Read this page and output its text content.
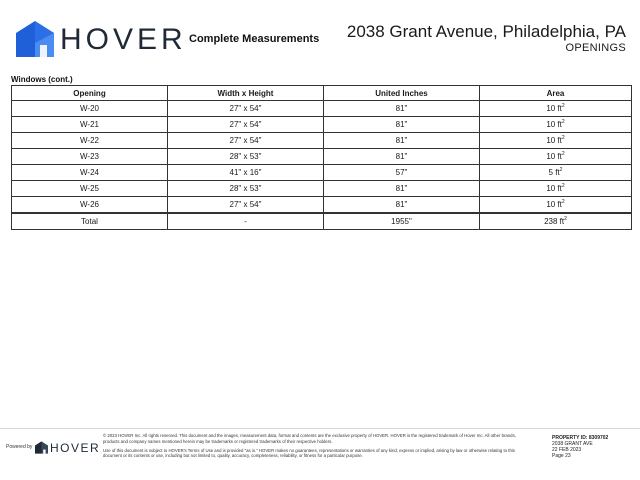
HOVER Complete Measurements 2038 Grant Avenue, Philadelphia, PA
OPENINGS
Windows (cont.)
Opening	Width x Height	United Inches	Area
W-20	27" x 54"	81"	10 $ft^2$
W-21	27" x 54"	81"	10 $ft^2$
W-22	27" x 54"	81"	10 $ft^2$
W-23	28" x 53"	81"	10 $ft^2$
W-24	41" x 16"	57"	5 $ft^2$
W-25	28" x 53"	81"	10 $ft^2$
W-26	27" x 54"	81"	10 $ft^2$
Total	-	1955"	238 $ft^2$
Powered by HOVER

© 2023 HOVER Inc. All rights reserved. This document and the images, measurement data, format and contents are the exclusive property of HOVER. HOVER is the registered trademark of Hover Inc. All other brands, products and company names mentioned herein may be trademarks or registered trademarks of their respective holders.

Use of this document is subject to HOVER's Terms of Use and is provided "as is." HOVER makes no guarantees, representations or warranties of any kind, express or implied, arising by law or otherwise relating to this document or its contents or use, including but not limited to, quality, accuracy, completeness, reliability, or fitness for a particular purpose.

PROPERTY ID: 8309702
2038 GRANT AVE
22 FEB 2023
Page 23
